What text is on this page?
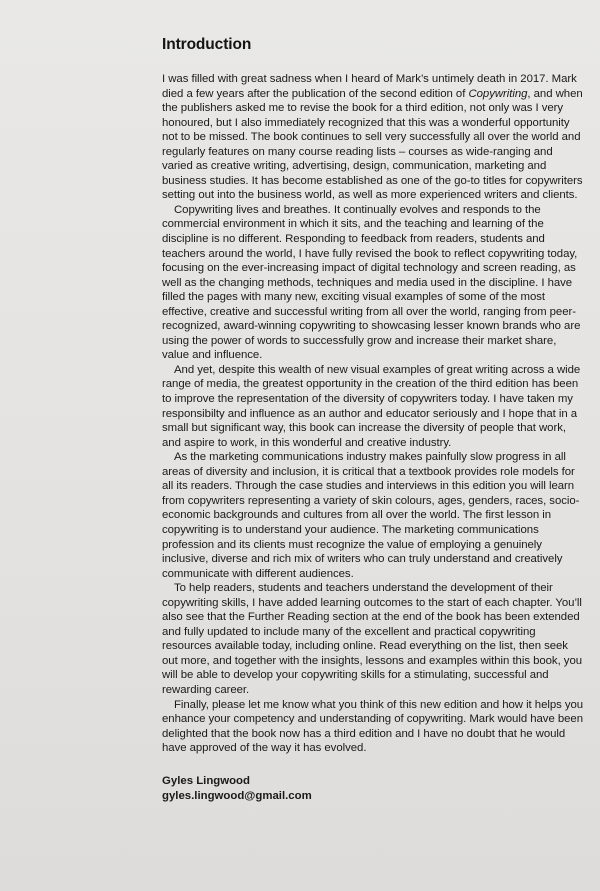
Introduction

I was filled with great sadness when I heard of Mark’s untimely death in 2017. Mark died a few years after the publication of the second edition of Copywriting, and when the publishers asked me to revise the book for a third edition, not only was I very honoured, but I also immediately recognized that this was a wonderful opportunity not to be missed. The book continues to sell very successfully all over the world and regularly features on many course reading lists – courses as wide-ranging and varied as creative writing, advertising, design, communication, marketing and business studies. It has become established as one of the go-to titles for copywriters setting out into the business world, as well as more experienced writers and clients.

Copywriting lives and breathes. It continually evolves and responds to the commercial environment in which it sits, and the teaching and learning of the discipline is no different. Responding to feedback from readers, students and teachers around the world, I have fully revised the book to reflect copywriting today, focusing on the ever-increasing impact of digital technology and screen reading, as well as the changing methods, techniques and media used in the discipline. I have filled the pages with many new, exciting visual examples of some of the most effective, creative and successful writing from all over the world, ranging from peer-recognized, award-winning copywriting to showcasing lesser known brands who are using the power of words to successfully grow and increase their market share, value and influence.

And yet, despite this wealth of new visual examples of great writing across a wide range of media, the greatest opportunity in the creation of the third edition has been to improve the representation of the diversity of copywriters today. I have taken my responsibilty and influence as an author and educator seriously and I hope that in a small but significant way, this book can increase the diversity of people that work, and aspire to work, in this wonderful and creative industry.

As the marketing communications industry makes painfully slow progress in all areas of diversity and inclusion, it is critical that a textbook provides role models for all its readers. Through the case studies and interviews in this edition you will learn from copywriters representing a variety of skin colours, ages, genders, races, socio-economic backgrounds and cultures from all over the world. The first lesson in copywriting is to understand your audience. The marketing communications profession and its clients must recognize the value of employing a genuinely inclusive, diverse and rich mix of writers who can truly understand and creatively communicate with different audiences.

To help readers, students and teachers understand the development of their copywriting skills, I have added learning outcomes to the start of each chapter. You’ll also see that the Further Reading section at the end of the book has been extended and fully updated to include many of the excellent and practical copywriting resources available today, including online. Read everything on the list, then seek out more, and together with the insights, lessons and examples within this book, you will be able to develop your copywriting skills for a stimulating, successful and rewarding career.

Finally, please let me know what you think of this new edition and how it helps you enhance your competency and understanding of copywriting. Mark would have been delighted that the book now has a third edition and I have no doubt that he would have approved of the way it has evolved.

Gyles Lingwood
gyles.lingwood@gmail.com
